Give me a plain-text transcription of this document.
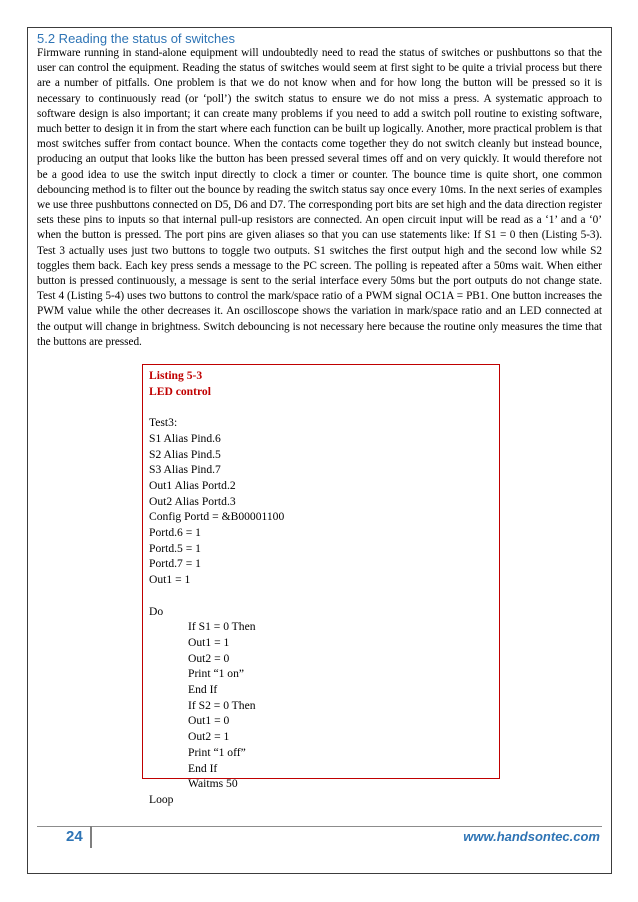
5.2 Reading the status of switches

Firmware running in stand-alone equipment will undoubtedly need to read the status of switches or pushbuttons so that the user can control the equipment. Reading the status of switches would seem at first sight to be quite a trivial process but there are a number of pitfalls. One problem is that we do not know when and for how long the button will be pressed so it is necessary to continuously read (or ‘poll’) the switch status to ensure we do not miss a press. A systematic approach to software design is also important; it can create many problems if you need to add a switch poll routine to existing software, much better to design it in from the start where each function can be built up logically. Another, more practical problem is that most switches suffer from contact bounce. When the contacts come together they do not switch cleanly but instead bounce, producing an output that looks like the button has been pressed several times off and on very quickly. It would therefore not be a good idea to use the switch input directly to clock a timer or counter. The bounce time is quite short, one common debouncing method is to filter out the bounce by reading the switch status say once every 10ms. In the next series of examples we use three pushbuttons connected on D5, D6 and D7. The corresponding port bits are set high and the data direction register sets these pins to inputs so that internal pull-up resistors are connected. An open circuit input will be read as a ‘1’ and a ‘0’ when the button is pressed. The port pins are given aliases so that you can use statements like: If S1 = 0 then (Listing 5-3). Test 3 actually uses just two buttons to toggle two outputs. S1 switches the first output high and the second low while S2 toggles them back. Each key press sends a message to the PC screen. The polling is repeated after a 50ms wait. When either button is pressed continuously, a message is sent to the serial interface every 50ms but the port outputs do not change state. Test 4 (Listing 5-4) uses two buttons to control the mark/space ratio of a PWM signal OC1A = PB1. One button increases the PWM value while the other decreases it. An oscilloscope shows the variation in mark/space ratio and an LED connected at the output will change in brightness. Switch debouncing is not necessary here because the routine only measures the time that the buttons are pressed.

Listing 5-3
LED control
Test3:
S1 Alias Pind.6
S2 Alias Pind.5
S3 Alias Pind.7
Out1 Alias Portd.2
Out2 Alias Portd.3
Config Portd = &B00001100
Portd.6 = 1
Portd.5 = 1
Portd.7 = 1
Out1 = 1
Do
If S1 = 0 Then
Out1 = 1
Out2 = 0
Print “1 on”
End If
If S2 = 0 Then
Out1 = 0
Out2 = 1
Print “1 off”
End If
Waitms 50
Loop
24	www.handsontec.com
